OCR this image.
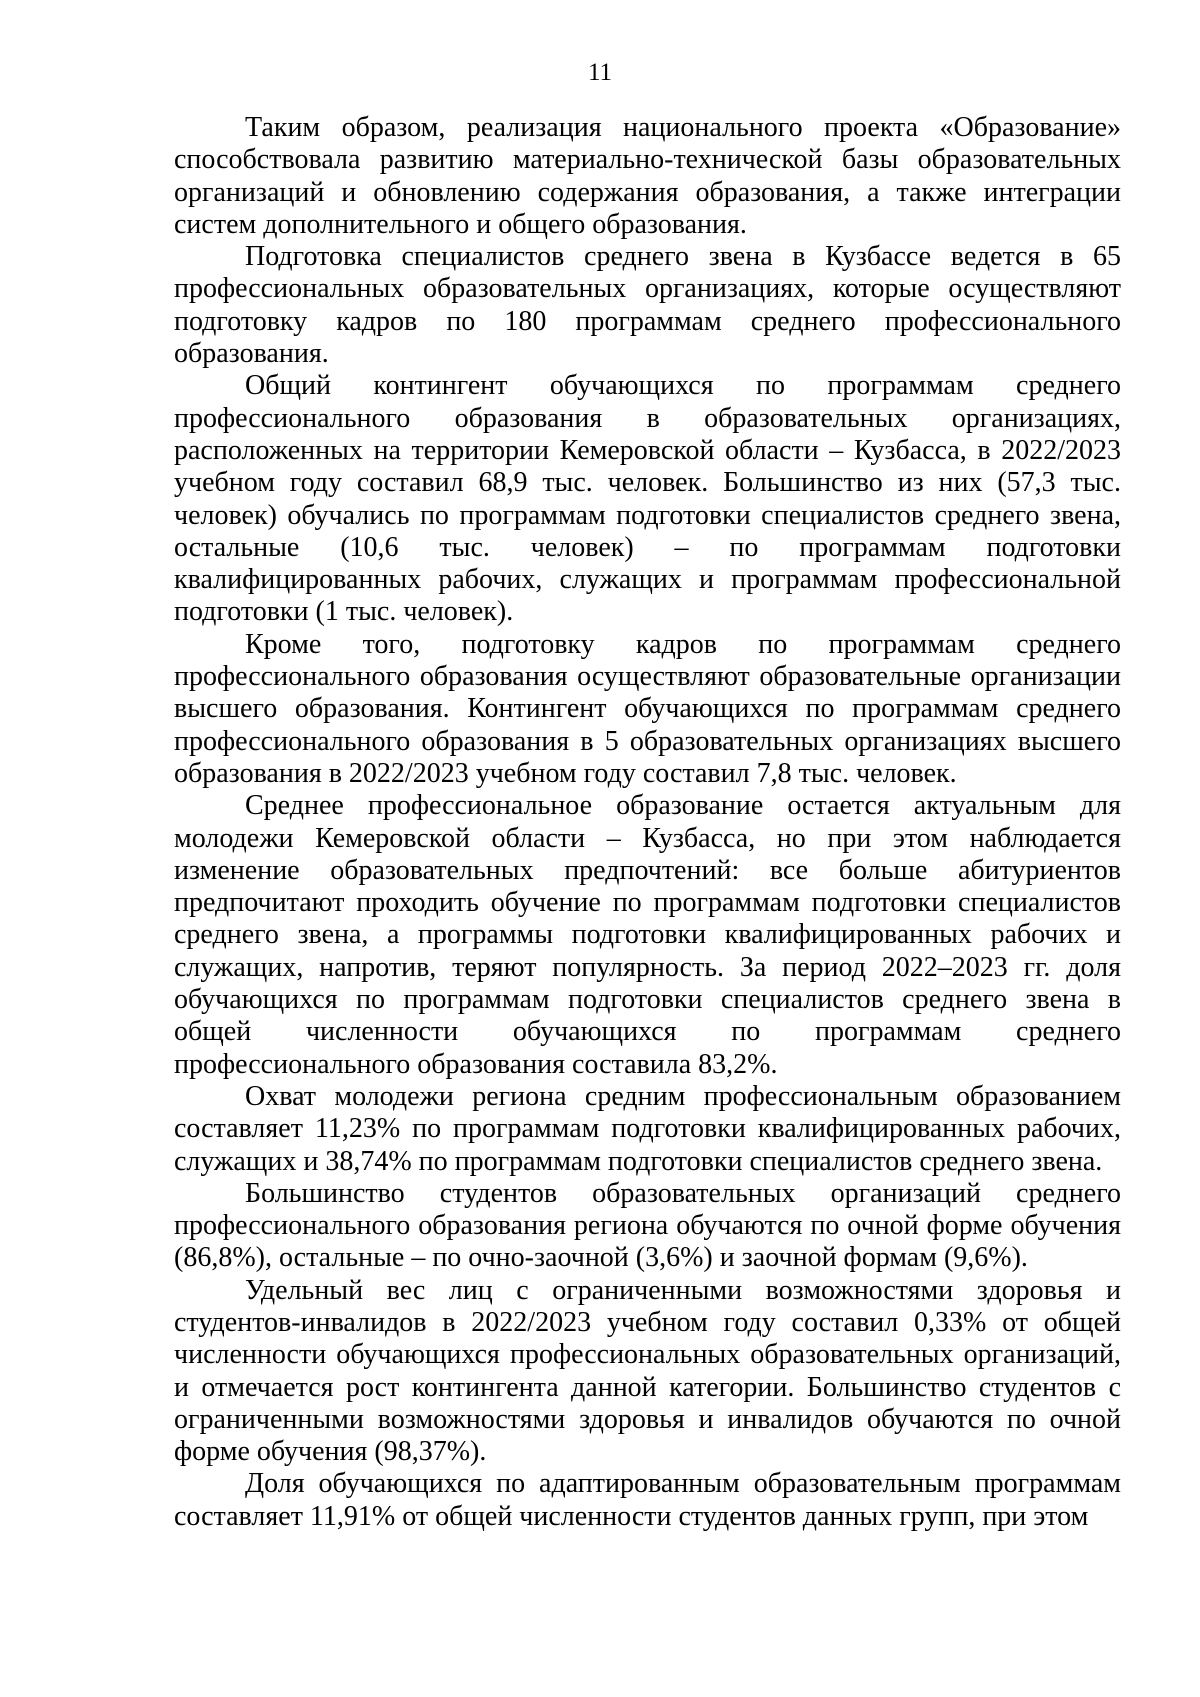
11

Таким образом, реализация национального проекта «Образование» способствовала развитию материально-технической базы образовательных организаций и обновлению содержания образования, а также интеграции систем дополнительного и общего образования.

Подготовка специалистов среднего звена в Кузбассе ведется в 65 профессиональных образовательных организациях, которые осуществляют подготовку кадров по 180 программам среднего профессионального образования.

Общий контингент обучающихся по программам среднего профессионального образования в образовательных организациях, расположенных на территории Кемеровской области – Кузбасса, в 2022/2023 учебном году составил 68,9 тыс. человек. Большинство из них (57,3 тыс. человек) обучались по программам подготовки специалистов среднего звена, остальные (10,6 тыс. человек) – по программам подготовки квалифицированных рабочих, служащих и программам профессиональной подготовки (1 тыс. человек).

Кроме того, подготовку кадров по программам среднего профессионального образования осуществляют образовательные организации высшего образования. Контингент обучающихся по программам среднего профессионального образования в 5 образовательных организациях высшего образования в 2022/2023 учебном году составил 7,8 тыс. человек.

Среднее профессиональное образование остается актуальным для молодежи Кемеровской области – Кузбасса, но при этом наблюдается изменение образовательных предпочтений: все больше абитуриентов предпочитают проходить обучение по программам подготовки специалистов среднего звена, а программы подготовки квалифицированных рабочих и служащих, напротив, теряют популярность. За период 2022–2023 гг. доля обучающихся по программам подготовки специалистов среднего звена в общей численности обучающихся по программам среднего профессионального образования составила 83,2%.

Охват молодежи региона средним профессиональным образованием составляет 11,23% по программам подготовки квалифицированных рабочих, служащих и 38,74% по программам подготовки специалистов среднего звена.

Большинство студентов образовательных организаций среднего профессионального образования региона обучаются по очной форме обучения (86,8%), остальные – по очно-заочной (3,6%) и заочной формам (9,6%).

Удельный вес лиц с ограниченными возможностями здоровья и студентов-инвалидов в 2022/2023 учебном году составил 0,33% от общей численности обучающихся профессиональных образовательных организаций, и отмечается рост контингента данной категории. Большинство студентов с ограниченными возможностями здоровья и инвалидов обучаются по очной форме обучения (98,37%).

Доля обучающихся по адаптированным образовательным программам составляет 11,91% от общей численности студентов данных групп, при этом
